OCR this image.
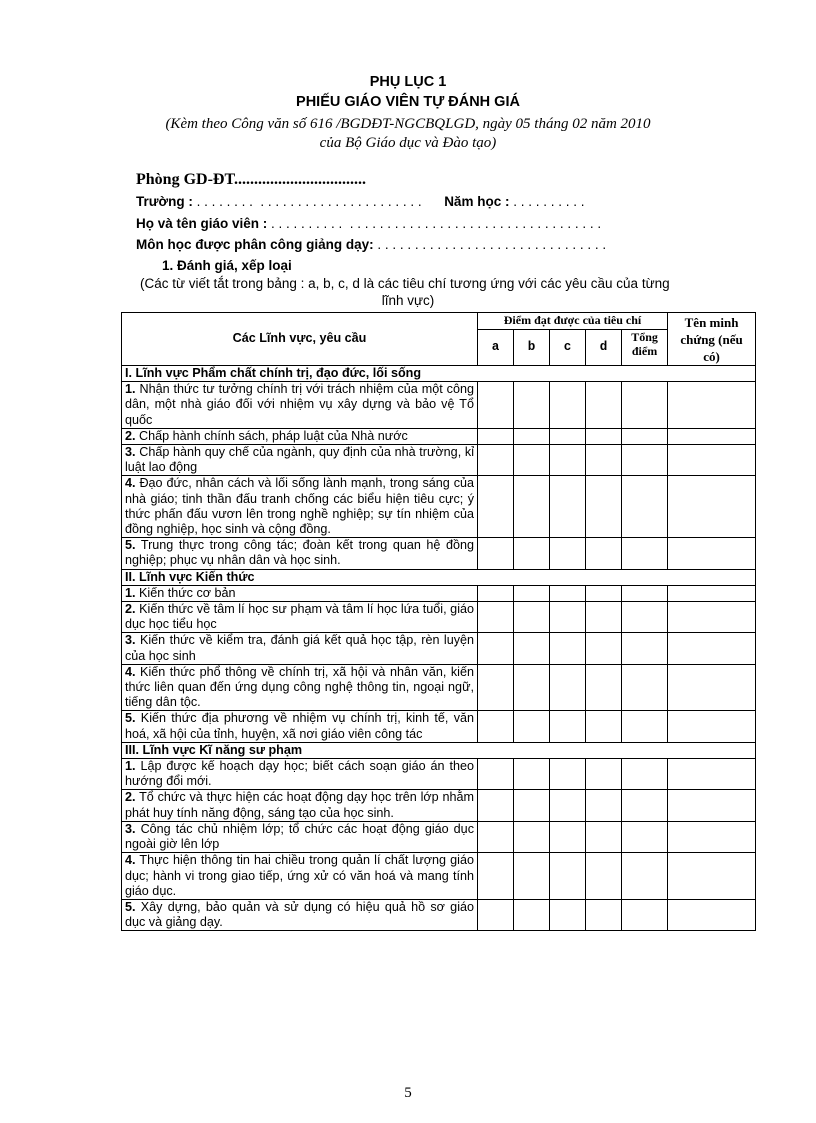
PHỤ LỤC 1
PHIẾU GIÁO VIÊN TỰ ĐÁNH GIÁ
(Kèm theo Công văn số 616 /BGDĐT-NGCBQLGD, ngày 05 tháng 02 năm 2010
của Bộ Giáo dục và Đào tạo)
Phòng GD-ĐT.................................
Trường : . . . . . . . .  . . . . . . . . . . . . . . . . . . . . . . Năm học : . . . . . . . . . .
Họ và tên giáo viên : . . . . . . . . . .  . . . . . . . . . . . . . . . . . . . . . . . . . . . . . . . . . .
Môn học được phân công giảng dạy: . . . . . . . . . . . . . . . . . . . . . . . . . . . . . . .
1. Đánh giá, xếp loại
(Các từ viết tắt trong bảng : a, b, c, d là các tiêu chí tương ứng với các yêu cầu của từng
lĩnh vực)
Các Lĩnh vực, yêu cầu	Điểm đạt được của tiêu chí					Tên minh chứng (nếu có)
	a	b	c	d	Tổng điểm	
I. Lĩnh vực Phẩm chất chính trị, đạo đức, lối sống						
1. Nhận thức tư tưởng chính trị với trách nhiệm của một công dân, một nhà giáo đối với nhiệm vụ xây dựng và bảo vệ Tổ quốc						
2. Chấp hành chính sách, pháp luật của Nhà nước						
3. Chấp hành quy chế của ngành, quy định của nhà trường, kỉ luật lao động						
4. Đạo đức, nhân cách và lối sống lành mạnh, trong sáng của nhà giáo; tinh thần đấu tranh chống các biểu hiện tiêu cực; ý thức phấn đấu vươn lên trong nghề nghiệp; sự tín nhiệm của đồng nghiệp, học sinh và cộng đồng.						
5. Trung thực trong công tác; đoàn kết trong quan hệ đồng nghiệp; phục vụ nhân dân và học sinh.						
II. Lĩnh vực Kiến thức						
1. Kiến thức cơ bản						
2. Kiến thức về tâm lí học sư phạm và tâm lí học lứa tuổi, giáo dục học tiểu học						
3. Kiến thức về kiểm tra, đánh giá kết quả học tập, rèn luyện của học sinh						
4. Kiến thức phổ thông về chính trị, xã hội và nhân văn, kiến thức liên quan đến ứng dụng công nghệ thông tin, ngoại ngữ, tiếng dân tộc.						
5. Kiến thức địa phương về nhiệm vụ chính trị, kinh tế, văn hoá, xã hội của tỉnh, huyện, xã nơi giáo viên công tác						
III. Lĩnh vực Kĩ năng sư phạm						
1. Lập được kế hoạch dạy học; biết cách soạn giáo án theo hướng đổi mới.						
2. Tổ chức và thực hiện các hoạt động dạy học trên lớp nhằm phát huy tính năng động, sáng tạo của học sinh.						
3. Công tác chủ nhiệm lớp; tổ chức các hoạt động giáo dục ngoài giờ lên lớp						
4. Thực hiện thông tin hai chiều trong quản lí chất lượng giáo dục; hành vi trong giao tiếp, ứng xử có văn hoá và mang tính giáo dục.						
5. Xây dựng, bảo quản và sử dụng có hiệu quả hồ sơ giáo dục và giảng dạy.						
5
